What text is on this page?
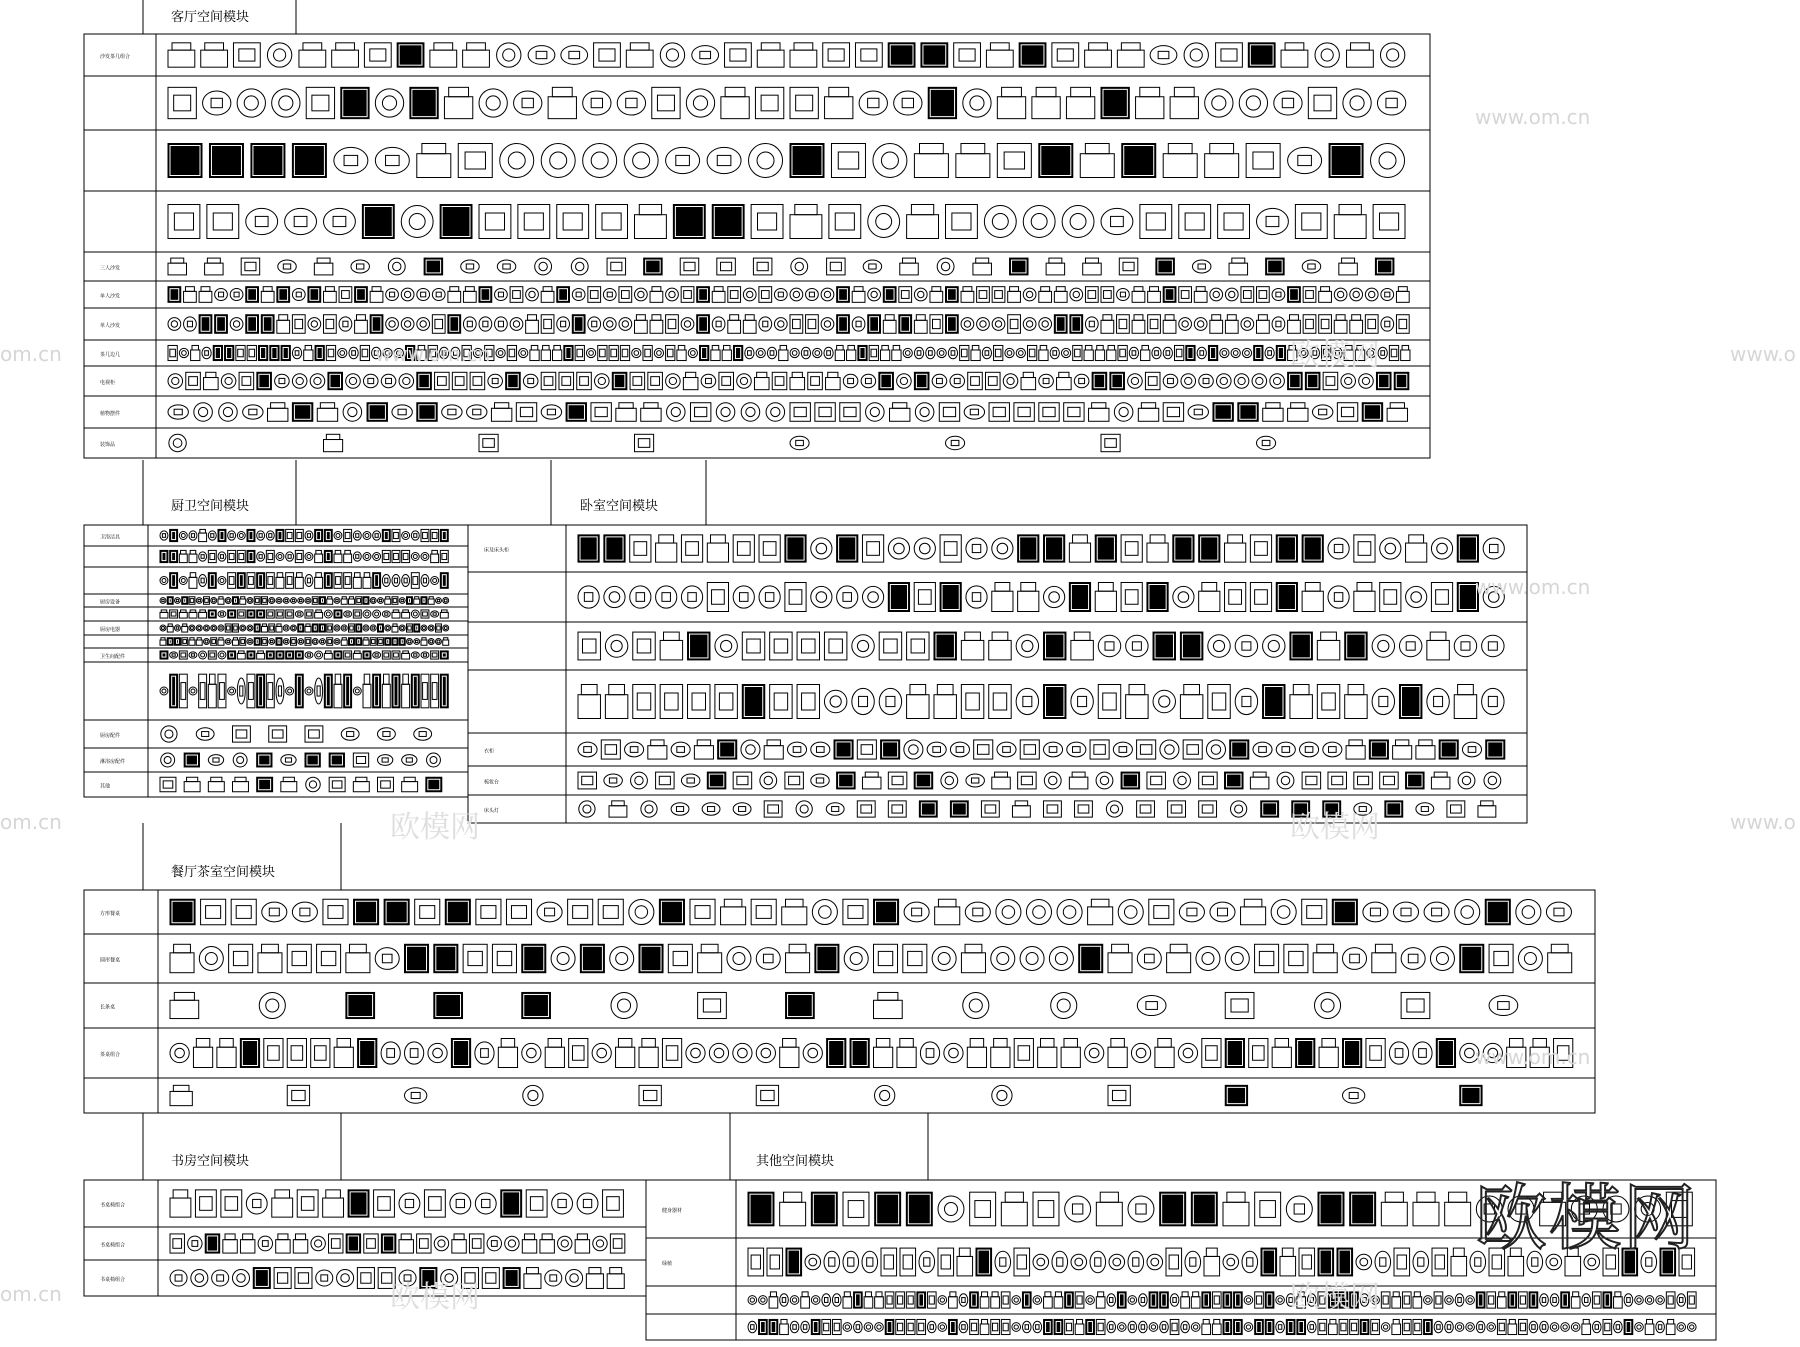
沙发茶几组合
三人沙发
单人沙发
单人沙发
茶几边几
电视柜
植物摆件
装饰品
卫浴洁具
厨房设备
厨房电器
卫生间配件
厨房配件
淋浴房配件
其他
床及床头柜
衣柜
梳妆台
床头灯
方形餐桌
圆形餐桌
长条桌
茶桌组合
书桌椅组合
书桌椅组合
书桌椅组合
健身器材
绿植
客厅空间模块
厨卫空间模块	卧室空间模块
餐厅茶室空间模块
书房空间模块	其他空间模块
www.om.cn
om.cn	www.om.cn	欧模网	www.o
www.om.cn
om.cn	欧模网	欧模网	www.o
www.om.cn
om.cn	欧模网	欧模网
欧模网
